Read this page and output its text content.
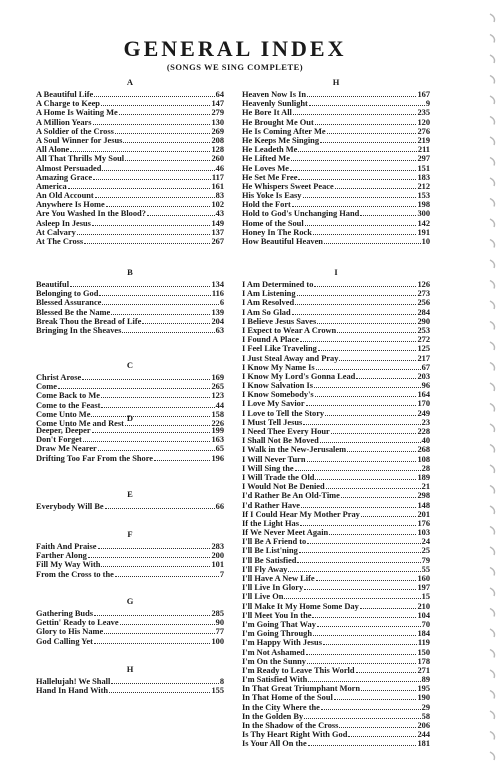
GENERAL INDEX
(SONGS WE SING COMPLETE)
A
A Beautiful Life	64
A Charge to Keep	147
A Home Is Waiting Me	279
A Million Years	130
A Soldier of the Cross	269
A Soul Winner for Jesus	208
All Alone	128
All That Thrills My Soul	260
Almost Persuaded	46
Amazing Grace	117
America	161
An Old Account	83
Anywhere Is Home	102
Are You Washed In the Blood?	43
Asleep In Jesus	149
At Calvary	137
At The Cross	267
B
Beautiful	134
Belonging to God	116
Blessed Assurance	6
Blessed Be the Name	139
Break Thou the Bread of Life	204
Bringing In the Sheaves	63
C
Christ Arose	169
Come	265
Come Back to Me	123
Come to the Feast	44
Come Unto Me	158
Come Unto Me and Rest	226
D
Deeper, Deeper	199
Don't Forget	163
Draw Me Nearer	65
Drifting Too Far From the Shore	196
E
Everybody Will Be	66
F
Faith And Praise	283
Farther Along	200
Fill My Way With	101
From the Cross to the	7
G
Gathering Buds	285
Gettin' Ready to Leave	90
Glory to His Name	77
God Calling Yet	100
H
Hallelujah! We Shall	8
Hand In Hand With	155
H
Heaven Now Is In	167
Heavenly Sunlight	9
He Bore It All	235
He Brought Me Out	120
He Is Coming After Me	276
He Keeps Me Singing	219
He Leadeth Me	211
He Lifted Me	297
He Loves Me	151
He Set Me Free	183
He Whispers Sweet Peace	212
His Yoke Is Easy	153
Hold the Fort	198
Hold to God's Unchanging Hand	300
Home of the Soul	142
Honey In The Rock	191
How Beautiful Heaven	10
I
I Am Determined to	126
I Am Listening	273
I Am Resolved	256
I Am So Glad	284
I Believe Jesus Saves	290
I Expect to Wear A Crown	253
I Found A Place	272
I Feel Like Traveling	125
I Just Steal Away and Pray	217
I Know My Name Is	67
I Know My Lord's Gonna Lead	203
I Know Salvation Is	96
I Know Somebody's	164
I Love My Savior	170
I Love to Tell the Story	249
I Must Tell Jesus	23
I Need Thee Every Hour	228
I Shall Not Be Moved	40
I Walk in the New-Jerusalem	268
I Will Never Turn	108
I Will Sing the	28
I Will Trade the Old	189
I Would Not Be Denied	21
I'd Rather Be An Old-Time	298
I'd Rather Have	148
If I Could Hear My Mother Pray	201
If the Light Has	176
If We Never Meet Again	103
I'll Be A Friend to	24
I'll Be List'ning	25
I'll Be Satisfied	79
I'll Fly Away	55
I'll Have A New Life	160
I'll Live In Glory	197
I'll Live On	15
I'll Make It My Home Some Day	210
I'll Meet You In the	104
I'm Going That Way	70
I'm Going Through	184
I'm Happy With Jesus	119
I'm Not Ashamed	150
I'm On the Sunny	178
I'm Ready to Leave This World	271
I'm Satisfied With	89
In That Great Triumphant Morn	195
In That Home of the Soul	190
In the City Where the	29
In the Golden By	58
In the Shadow of the Cross	206
Is Thy Heart Right With God	244
Is Your All On the	181
